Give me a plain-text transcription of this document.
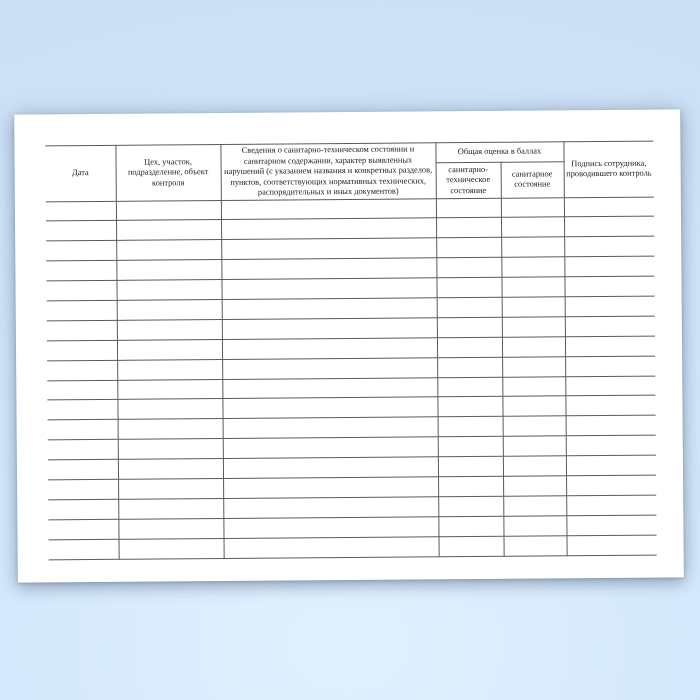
Дата	Цех, участок, подразделение, объект контроля	Сведения о санитарно-техническом состоянии и санитарном содержании, характер выявленных нарушений (с указанием названия и конкретных разделов, пунктов, соответствующих нормативных технических, распорядительных и иных документов)	Общая оценка в баллах		Подпись сотрудника, проводившего контроль
			санитарно-техническое состояние	санитарное состояние	
